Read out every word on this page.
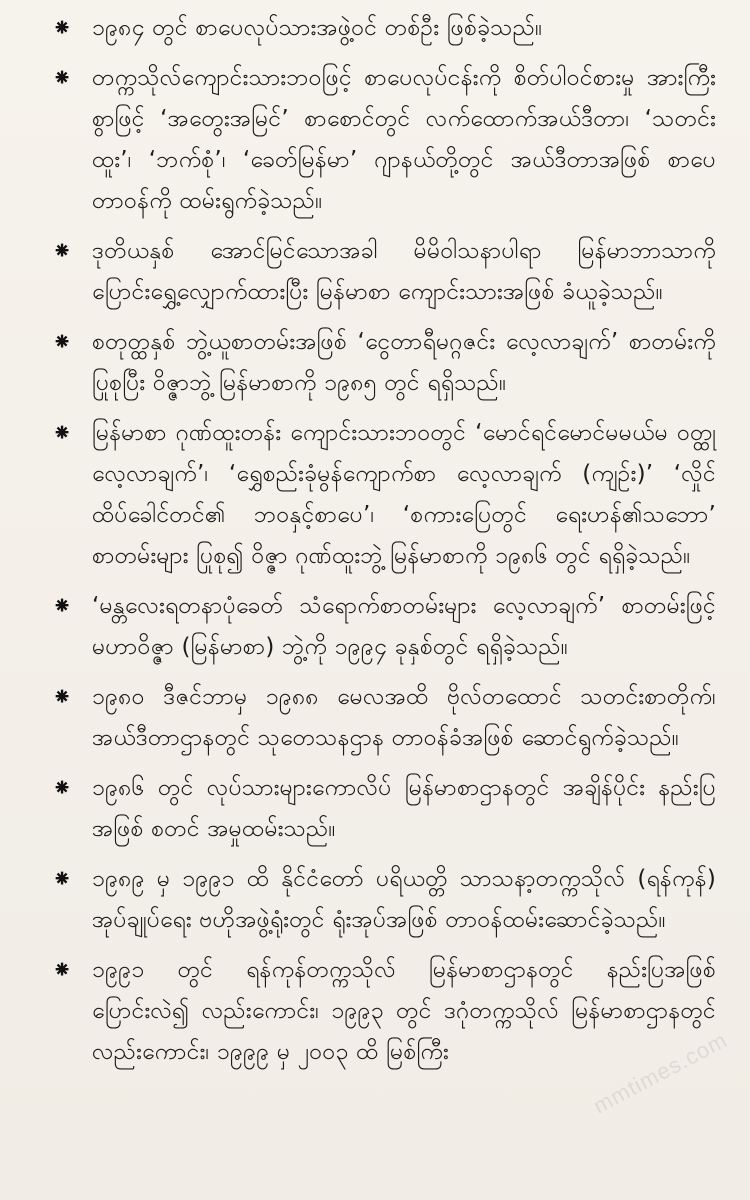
mmtimes.com
⁕ ၁၉၈၄ တွင် စာပေလုပ်သားအဖွဲ့ဝင် တစ်ဦး ဖြစ်ခဲ့သည်။
⁕ တက္ကသိုလ်ကျောင်းသားဘဝဖြင့် စာပေလုပ်ငန်းကို စိတ်ပါဝင်စားမှု အားကြီးစွာဖြင့် ‘အတွေးအမြင်’ စာစောင်တွင် လက်ထောက်အယ်ဒီတာ၊ ‘သတင်းထူး’၊ ‘ဘက်စုံ’၊ ‘ခေတ်မြန်မာ’ ဂျာနယ်တို့တွင် အယ်ဒီတာအဖြစ် စာပေတာဝန်ကို ထမ်းရွက်ခဲ့သည်။
⁕ ဒုတိယနှစ် အောင်မြင်သောအခါ မိမိဝါသနာပါရာ မြန်မာဘာသာကို ပြောင်းရွှေ့လျှောက်ထားပြီး မြန်မာစာ ကျောင်းသားအဖြစ် ခံယူခဲ့သည်။
⁕ စတုတ္ထနှစ် ဘွဲ့ယူစာတမ်းအဖြစ် ‘ငွေတာရီမဂ္ဂဇင်း လေ့လာချက်’ စာတမ်းကို ပြုစုပြီး ဝိဇ္ဇာဘွဲ့ မြန်မာစာကို ၁၉၈၅ တွင် ရရှိသည်။
⁕ မြန်မာစာ ဂုဏ်ထူးတန်း ကျောင်းသားဘဝတွင် ‘မောင်ရင်မောင်မမယ်မ ဝတ္ထုလေ့လာချက်’၊ ‘ရွှေစည်းခုံမွန်ကျောက်စာ လေ့လာချက် (ကျဉ်း)’ ‘လှိုင်ထိပ်ခေါင်တင်၏ ဘဝနှင့်စာပေ’၊ ‘စကားပြေတွင် ရေးဟန်၏သဘော’ စာတမ်းများ ပြုစု၍ ဝိဇ္ဇာ ဂုဏ်ထူးဘွဲ့ မြန်မာစာကို ၁၉၈၆ တွင် ရရှိခဲ့သည်။
⁕ ‘မန္တလေးရတနာပုံခေတ် သံရောက်စာတမ်းများ လေ့လာချက်’ စာတမ်းဖြင့် မဟာဝိဇ္ဇာ (မြန်မာစာ) ဘွဲ့ကို ၁၉၉၄ ခုနှစ်တွင် ရရှိခဲ့သည်။
⁕ ၁၉၈၀ ဒီဇင်ဘာမှ ၁၉၈၈ မေလအထိ ဗိုလ်တထောင် သတင်းစာတိုက်၊ အယ်ဒီတာဌာနတွင် သုတေသနဌာန တာဝန်ခံအဖြစ် ဆောင်ရွက်ခဲ့သည်။
⁕ ၁၉၈၆ တွင် လုပ်သားများကောလိပ် မြန်မာစာဌာနတွင် အချိန်ပိုင်း နည်းပြအဖြစ် စတင် အမှုထမ်းသည်။
⁕ ၁၉၈၉ မှ ၁၉၉၁ ထိ နိုင်ငံတော် ပရိယတ္တိ သာသနာ့တက္ကသိုလ် (ရန်ကုန်) အုပ်ချုပ်ရေး ဗဟိုအဖွဲ့ရုံးတွင် ရုံးအုပ်အဖြစ် တာဝန်ထမ်းဆောင်ခဲ့သည်။
⁕ ၁၉၉၁ တွင် ရန်ကုန်တက္ကသိုလ် မြန်မာစာဌာနတွင် နည်းပြအဖြစ် ပြောင်းလဲ၍ လည်းကောင်း၊ ၁၉၉၃ တွင် ဒဂုံတက္ကသိုလ် မြန်မာစာဌာနတွင် လည်းကောင်း၊ ၁၉၉၉ မှ ၂၀၀၃ ထိ မြစ်ကြီး
